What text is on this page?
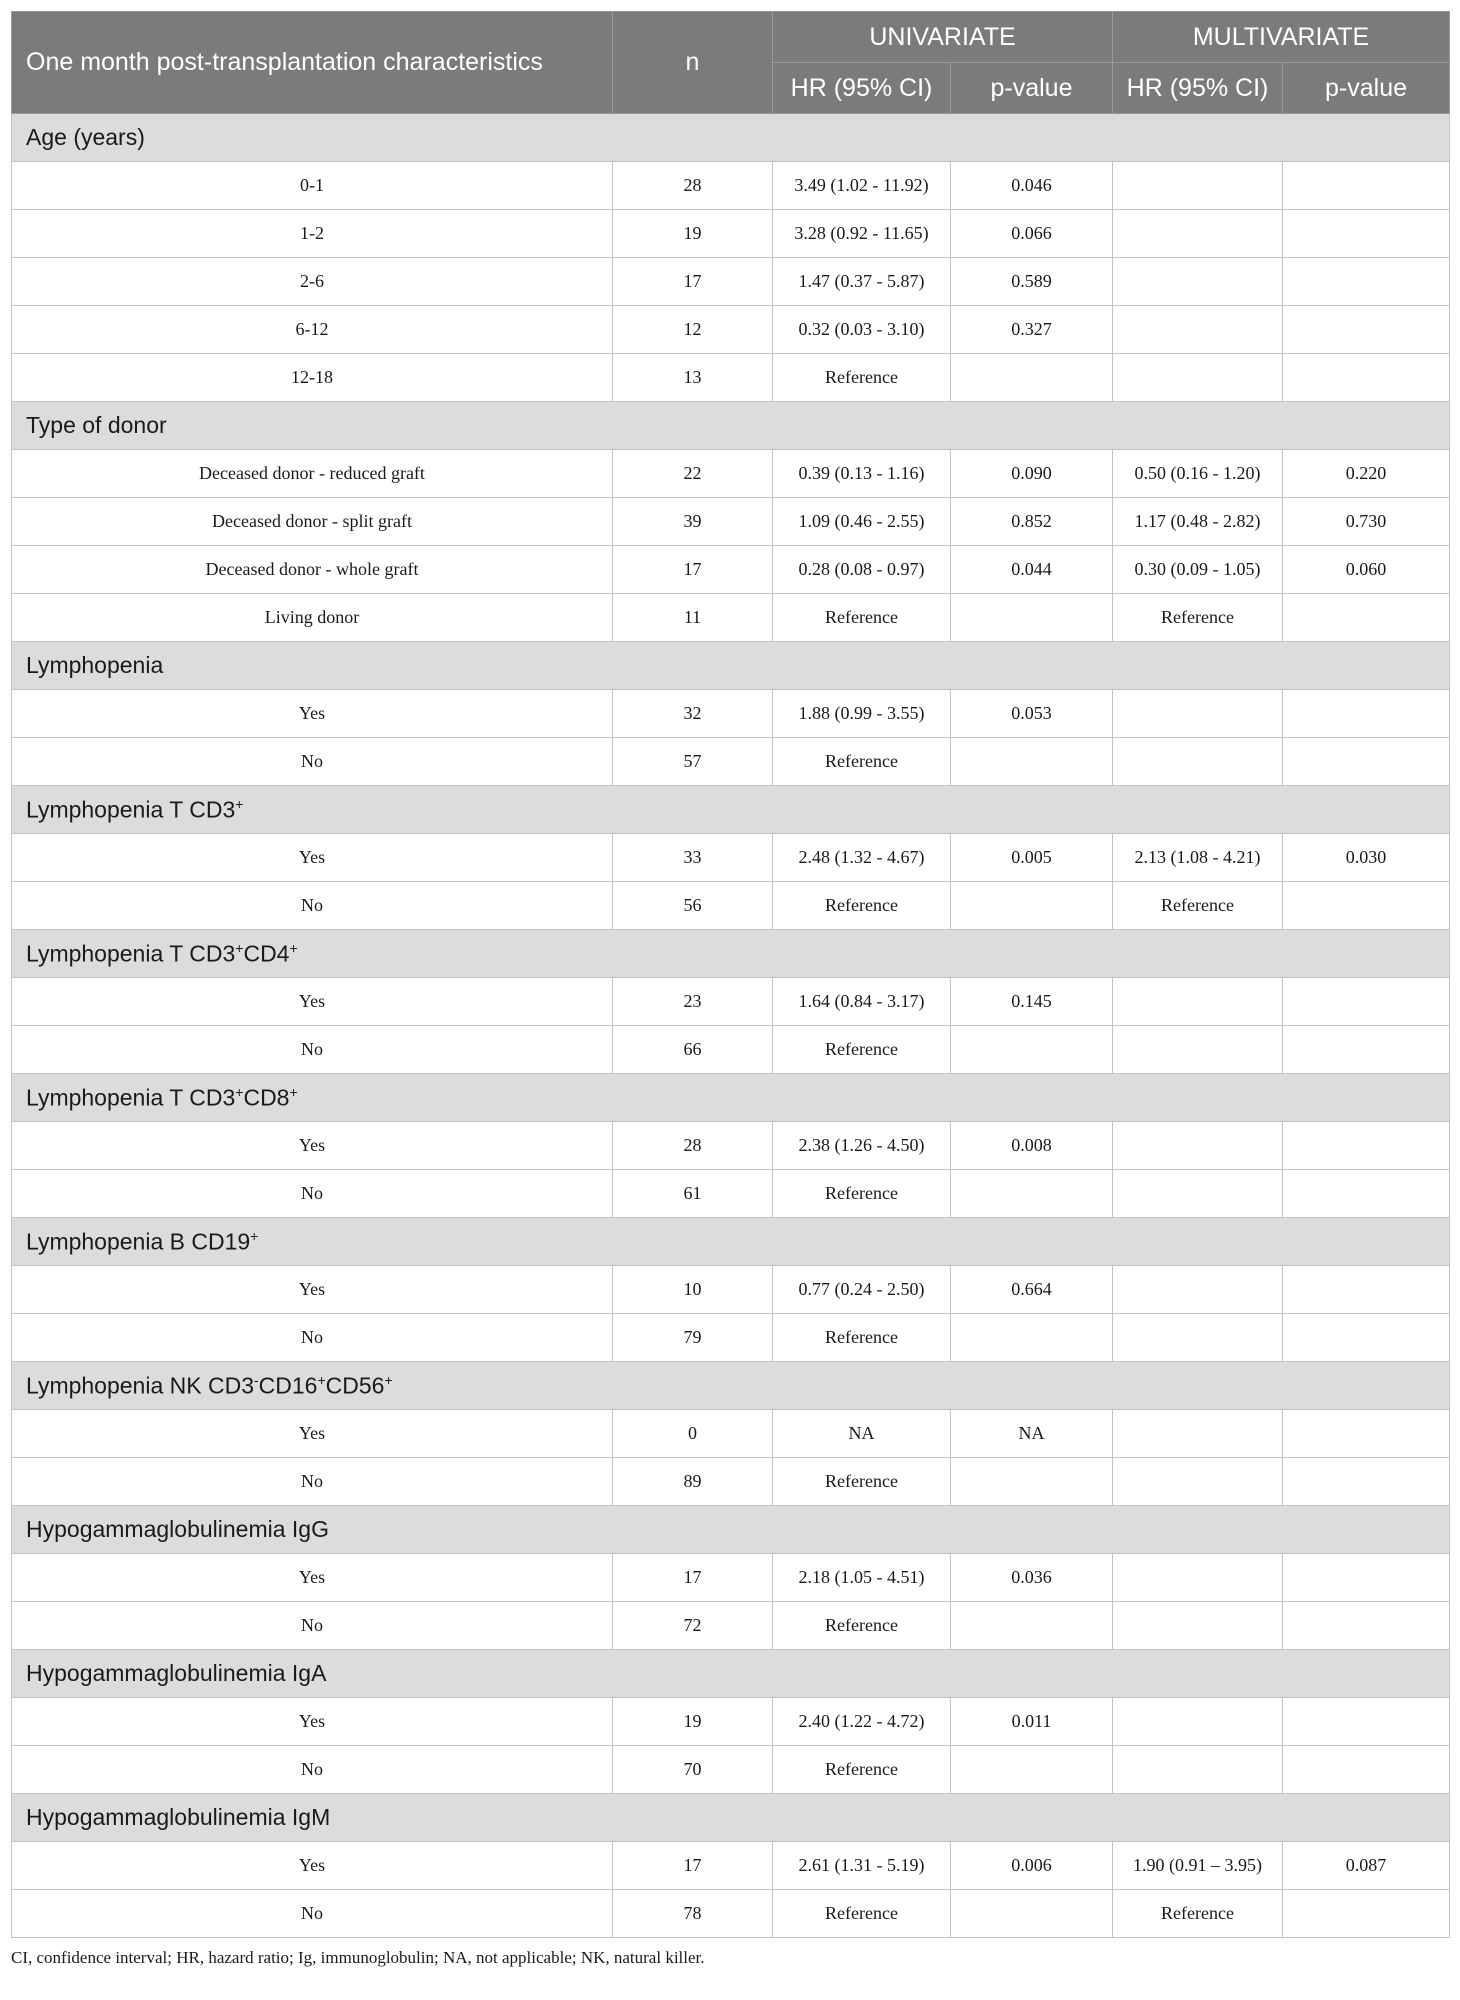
One month post-transplantation characteristics	n	UNIVARIATE		MULTIVARIATE	
		HR (95% CI)	p-value	HR (95% CI)	p-value
Age (years)					
0-1	28	3.49 (1.02 - 11.92)	0.046		
1-2	19	3.28 (0.92 - 11.65)	0.066		
2-6	17	1.47 (0.37 - 5.87)	0.589		
6-12	12	0.32 (0.03 - 3.10)	0.327		
12-18	13	Reference			
Type of donor					
Deceased donor - reduced graft	22	0.39 (0.13 - 1.16)	0.090	0.50 (0.16 - 1.20)	0.220
Deceased donor - split graft	39	1.09 (0.46 - 2.55)	0.852	1.17 (0.48 - 2.82)	0.730
Deceased donor - whole graft	17	0.28 (0.08 - 0.97)	0.044	0.30 (0.09 - 1.05)	0.060
Living donor	11	Reference		Reference	
Lymphopenia					
Yes	32	1.88 (0.99 - 3.55)	0.053		
No	57	Reference			
Lymphopenia T CD3+
Yes	33	2.48 (1.32 - 4.67)	0.005	2.13 (1.08 - 4.21)	0.030
No	56	Reference		Reference	
Lymphopenia T CD3+CD4+
Yes	23	1.64 (0.84 - 3.17)	0.145		
No	66	Reference			
Lymphopenia T CD3+CD8+
Yes	28	2.38 (1.26 - 4.50)	0.008		
No	61	Reference			
Lymphopenia B CD19+
Yes	10	0.77 (0.24 - 2.50)	0.664		
No	79	Reference			
Lymphopenia NK CD3-CD16+CD56+
Yes	0	NA	NA		
No	89	Reference			
Hypogammaglobulinemia IgG					
Yes	17	2.18 (1.05 - 4.51)	0.036		
No	72	Reference			
Hypogammaglobulinemia IgA					
Yes	19	2.40 (1.22 - 4.72)	0.011		
No	70	Reference			
Hypogammaglobulinemia IgM					
Yes	17	2.61 (1.31 - 5.19)	0.006	1.90 (0.91 – 3.95)	0.087
No	78	Reference		Reference	
CI, confidence interval; HR, hazard ratio; Ig, immunoglobulin; NA, not applicable; NK, natural killer.
